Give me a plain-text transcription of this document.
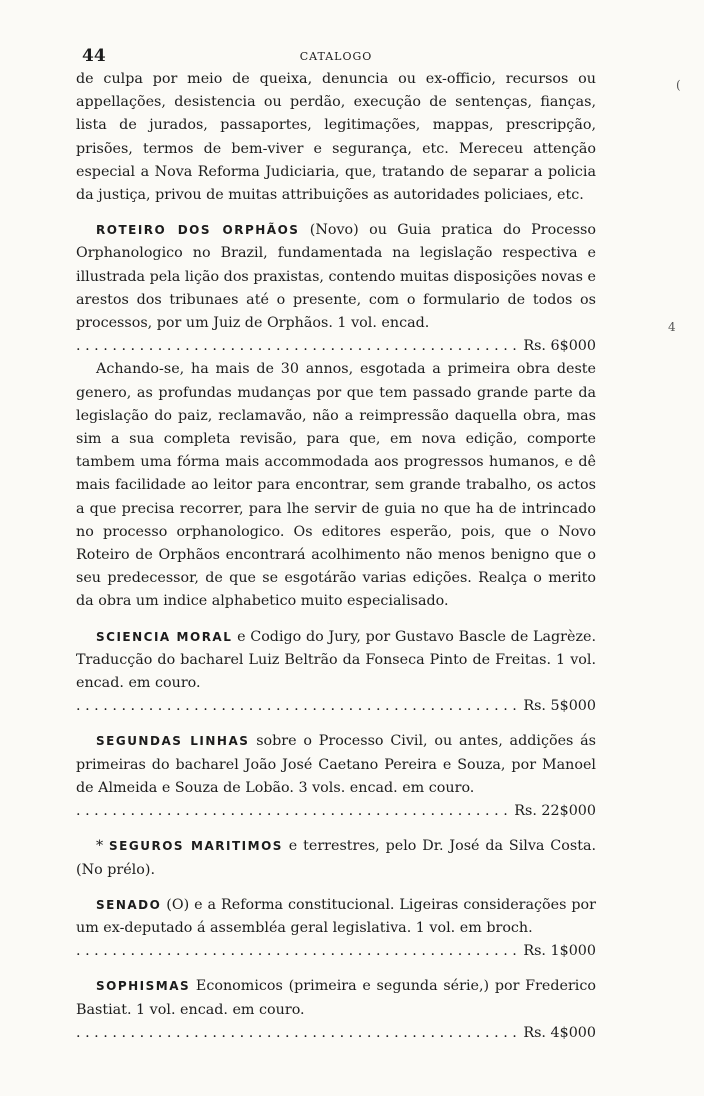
(
4
44	CATALOGO

de culpa por meio de queixa, denuncia ou ex-officio, recursos ou appellações, desistencia ou perdão, execução de sentenças, fianças, lista de jurados, passaportes, legitimações, mappas, prescripção, prisões, termos de bem-viver e segurança, etc. Mereceu attenção especial a Nova Reforma Judiciaria, que, tratando de separar a policia da justiça, privou de muitas attribuições as autoridades policiaes, etc.

ROTEIRO DOS ORPHÃOS (Novo) ou Guia pratica do Processo Orphanologico no Brazil, fundamentada na legislação respectiva e illustrada pela lição dos praxistas, contendo muitas disposições novas e arestos dos tribunaes até o presente, com o formulario de todos os processos, por um Juiz de Orphãos. 1 vol. encad.

. . .
Rs. 6$000

Achando-se, ha mais de 30 annos, esgotada a primeira obra deste genero, as profundas mudanças por que tem passado grande parte da legislação do paiz, reclamavão, não a reimpressão daquella obra, mas sim a sua completa revisão, para que, em nova edição, comporte tambem uma fórma mais accommodada aos progressos humanos, e dê mais facilidade ao leitor para encontrar, sem grande trabalho, os actos a que precisa recorrer, para lhe servir de guia no que ha de intrincado no processo orphanologico. Os editores esperão, pois, que o Novo Roteiro de Orphãos encontrará acolhimento não menos benigno que o seu predecessor, de que se esgotárão varias edições. Realça o merito da obra um indice alphabetico muito especialisado.

SCIENCIA MORAL e Codigo do Jury, por Gustavo Bascle de Lagrèze. Traducção do bacharel Luiz Beltrão da Fonseca Pinto de Freitas. 1 vol. encad. em couro.

. . .
Rs. 5$000

SEGUNDAS LINHAS sobre o Processo Civil, ou antes, addições ás primeiras do bacharel João José Caetano Pereira e Souza, por Manoel de Almeida e Souza de Lobão. 3 vols. encad. em couro.

. . .
Rs. 22$000

* SEGUROS MARITIMOS e terrestres, pelo Dr. José da Silva Costa. (No prélo).

SENADO (O) e a Reforma constitucional. Ligeiras considerações por um ex-deputado á assembléa geral legislativa. 1 vol. em broch.

. . .
Rs. 1$000

SOPHISMAS Economicos (primeira e segunda série,) por Frederico Bastiat. 1 vol. encad. em couro.

. . .
Rs. 4$000
